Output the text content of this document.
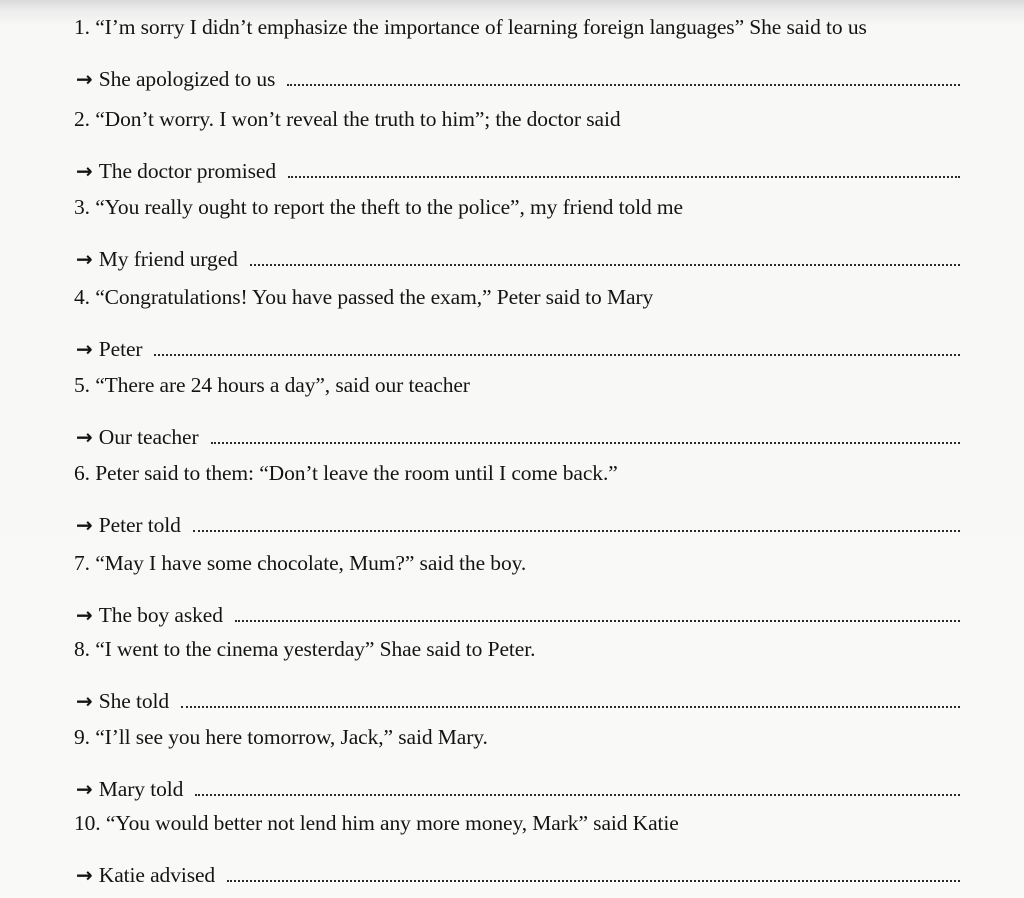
1. “I’m sorry I didn’t emphasize the importance of learning foreign languages” She said to us
→ She apologized to us
2. “Don’t worry. I won’t reveal the truth to him”; the doctor said
→ The doctor promised
3. “You really ought to report the theft to the police”, my friend told me
→ My friend urged
4. “Congratulations! You have passed the exam,” Peter said to Mary
→ Peter
5. “There are 24 hours a day”, said our teacher
→ Our teacher
6. Peter said to them: “Don’t leave the room until I come back.”
→ Peter told
7. “May I have some chocolate, Mum?” said the boy.
→ The boy asked
8. “I went to the cinema yesterday” Shae said to Peter.
→ She told
9. “I’ll see you here tomorrow, Jack,” said Mary.
→ Mary told
10. “You would better not lend him any more money, Mark” said Katie
→ Katie advised
